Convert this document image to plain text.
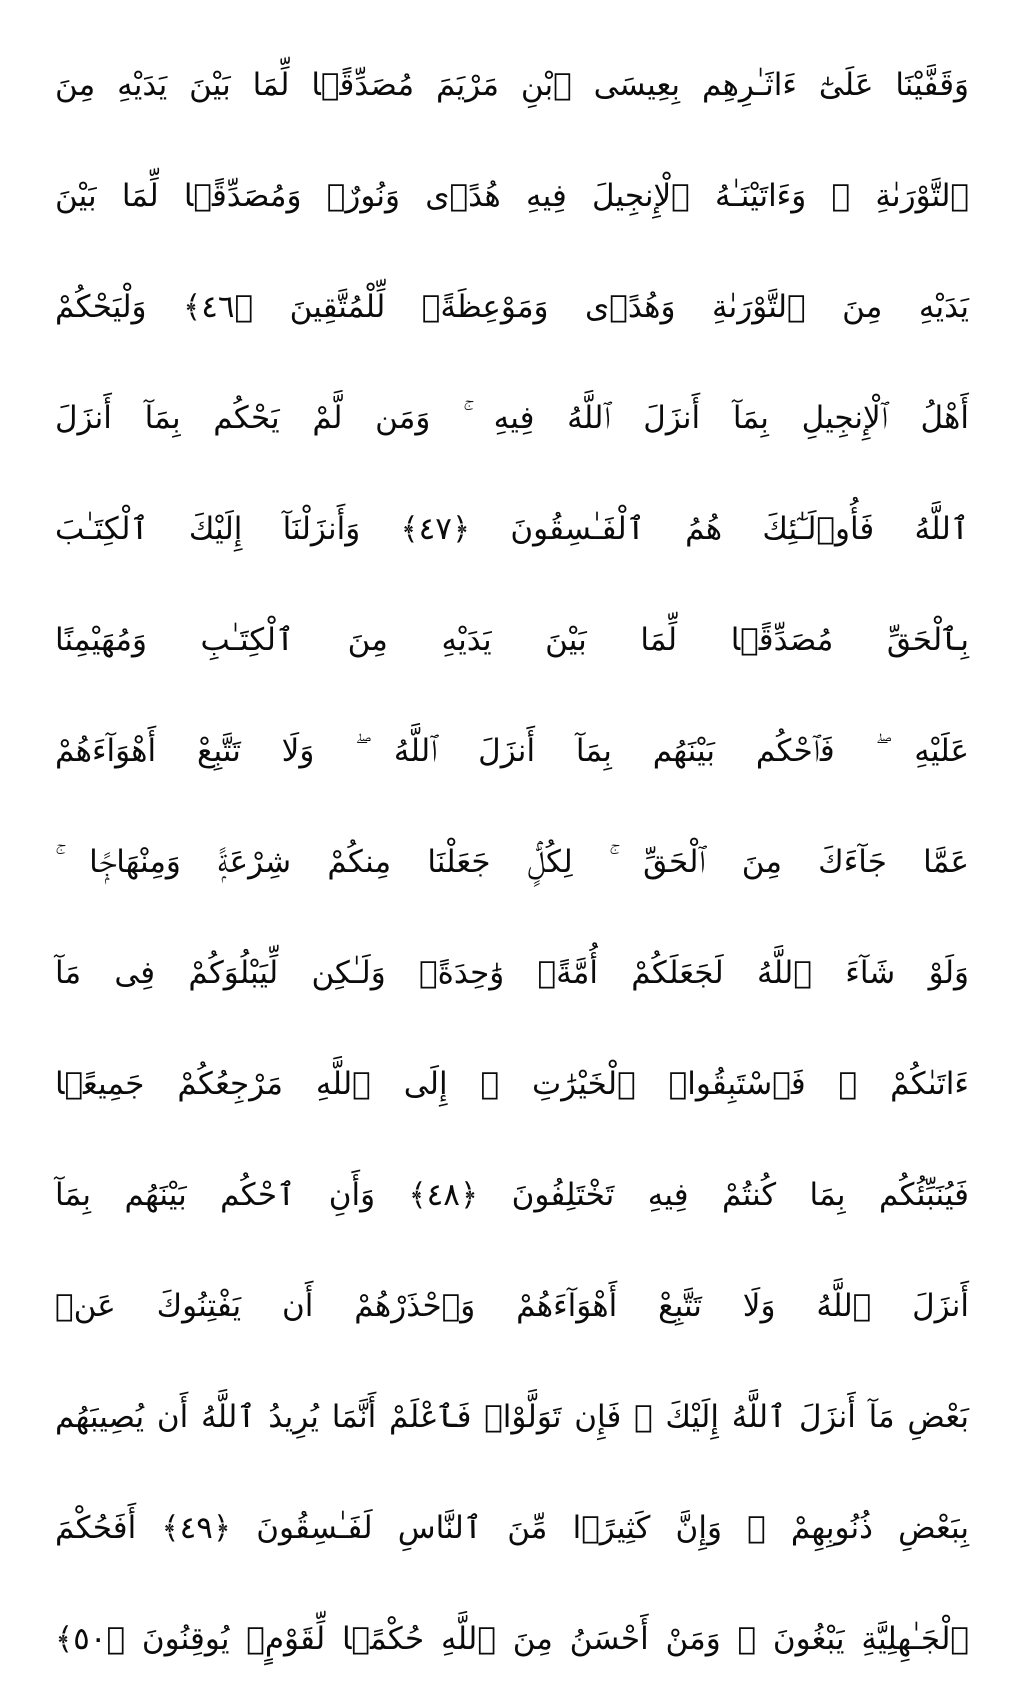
وَقَفَّيْنَا عَلَىٰٓ ءَاثَـٰرِهِم بِعِيسَى ٱبْنِ مَرْيَمَ مُصَدِّقًۭا لِّمَا بَيْنَ يَدَيْهِ مِنَ
ٱلتَّوْرَىٰةِ ۖ وَءَاتَيْنَـٰهُ ٱلْإِنجِيلَ فِيهِ هُدًۭى وَنُورٌۭ وَمُصَدِّقًۭا لِّمَا بَيْنَ
يَدَيْهِ مِنَ ٱلتَّوْرَىٰةِ وَهُدًۭى وَمَوْعِظَةًۭ لِّلْمُتَّقِينَ ﴿٤٦﴾ وَلْيَحْكُمْ
أَهْلُ ٱلْإِنجِيلِ بِمَآ أَنزَلَ ٱللَّهُ فِيهِ ۚ وَمَن لَّمْ يَحْكُم بِمَآ أَنزَلَ
ٱللَّهُ فَأُو۟لَـٰٓئِكَ هُمُ ٱلْفَـٰسِقُونَ ﴿٤٧﴾ وَأَنزَلْنَآ إِلَيْكَ ٱلْكِتَـٰبَ
بِٱلْحَقِّ مُصَدِّقًۭا لِّمَا بَيْنَ يَدَيْهِ مِنَ ٱلْكِتَـٰبِ وَمُهَيْمِنًا
عَلَيْهِ ۖ فَٱحْكُم بَيْنَهُم بِمَآ أَنزَلَ ٱللَّهُ ۖ وَلَا تَتَّبِعْ أَهْوَآءَهُمْ
عَمَّا جَآءَكَ مِنَ ٱلْحَقِّ ۚ لِكُلٍّۢ جَعَلْنَا مِنكُمْ شِرْعَةًۭ وَمِنْهَاجًۭا ۚ
وَلَوْ شَآءَ ٱللَّهُ لَجَعَلَكُمْ أُمَّةًۭ وَٰحِدَةًۭ وَلَـٰكِن لِّيَبْلُوَكُمْ فِى مَآ
ءَاتَىٰكُمْ ۖ فَٱسْتَبِقُوا۟ ٱلْخَيْرَٰتِ ۚ إِلَى ٱللَّهِ مَرْجِعُكُمْ جَمِيعًۭا
فَيُنَبِّئُكُم بِمَا كُنتُمْ فِيهِ تَخْتَلِفُونَ ﴿٤٨﴾ وَأَنِ ٱحْكُم بَيْنَهُم بِمَآ
أَنزَلَ ٱللَّهُ وَلَا تَتَّبِعْ أَهْوَآءَهُمْ وَٱحْذَرْهُمْ أَن يَفْتِنُوكَ عَنۢ
بَعْضِ مَآ أَنزَلَ ٱللَّهُ إِلَيْكَ ۖ فَإِن تَوَلَّوْا۟ فَٱعْلَمْ أَنَّمَا يُرِيدُ ٱللَّهُ أَن يُصِيبَهُم
بِبَعْضِ ذُنُوبِهِمْ ۗ وَإِنَّ كَثِيرًۭا مِّنَ ٱلنَّاسِ لَفَـٰسِقُونَ ﴿٤٩﴾ أَفَحُكْمَ
ٱلْجَـٰهِلِيَّةِ يَبْغُونَ ۚ وَمَنْ أَحْسَنُ مِنَ ٱللَّهِ حُكْمًۭا لِّقَوْمٍۢ يُوقِنُونَ ﴿٥٠﴾
